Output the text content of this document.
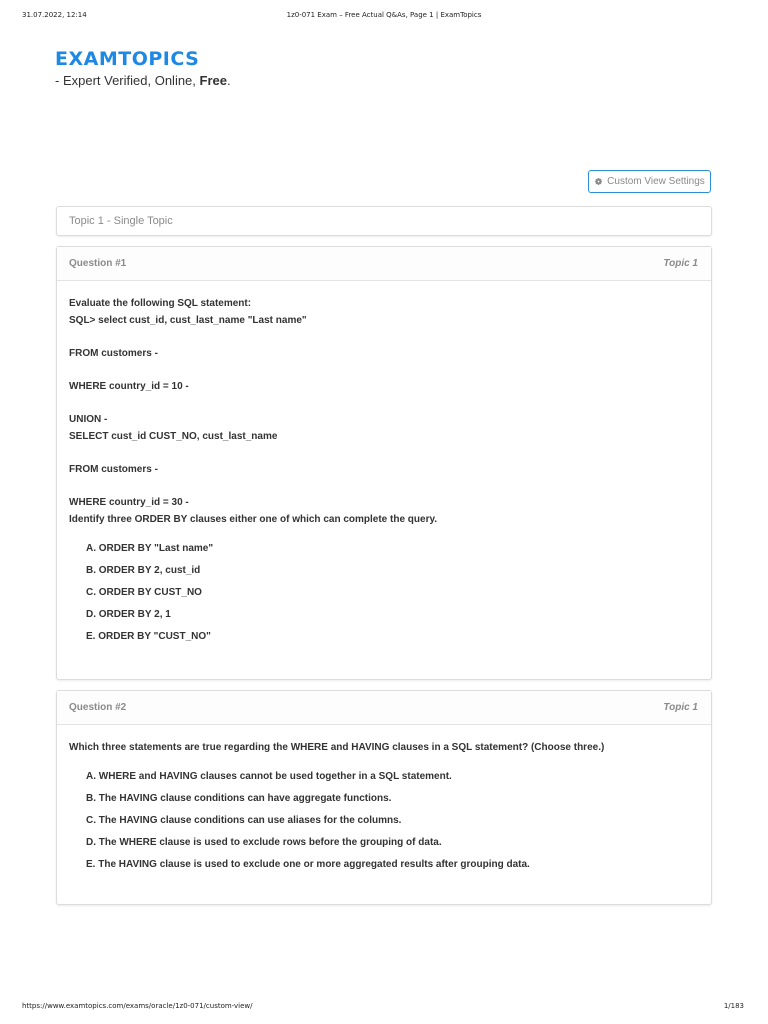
31.07.2022, 12:14	1z0-071 Exam – Free Actual Q&As, Page 1 | ExamTopics
EXAMTOPICS
- Expert Verified, Online, Free.
Custom View Settings
Topic 1 - Single Topic
Question #1	Topic 1
Evaluate the following SQL statement:
SQL> select cust_id, cust_last_name "Last name"
FROM customers -
WHERE country_id = 10 -
UNION -
SELECT cust_id CUST_NO, cust_last_name
FROM customers -
WHERE country_id = 30 -
Identify three ORDER BY clauses either one of which can complete the query.
A. ORDER BY "Last name"
B. ORDER BY 2, cust_id
C. ORDER BY CUST_NO
D. ORDER BY 2, 1
E. ORDER BY "CUST_NO"
Question #2	Topic 1
Which three statements are true regarding the WHERE and HAVING clauses in a SQL statement? (Choose three.)
A. WHERE and HAVING clauses cannot be used together in a SQL statement.
B. The HAVING clause conditions can have aggregate functions.
C. The HAVING clause conditions can use aliases for the columns.
D. The WHERE clause is used to exclude rows before the grouping of data.
E. The HAVING clause is used to exclude one or more aggregated results after grouping data.
https://www.examtopics.com/exams/oracle/1z0-071/custom-view/	1/183
